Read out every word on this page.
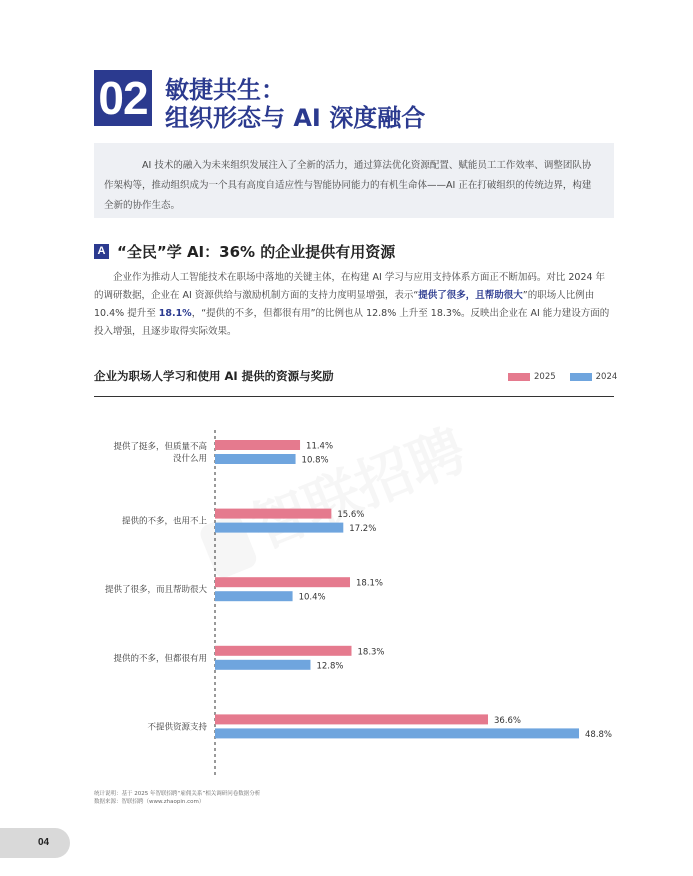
02 敏捷共生：
组织形态与 AI 深度融合
AI 技术的融入为未来组织发展注入了全新的活力，通过算法优化资源配置、赋能员工工作效率、调整团队协作架构等，推动组织成为一个具有高度自适应性与智能协同能力的有机生命体——AI 正在打破组织的传统边界，构建全新的协作生态。
A “全民”学 AI：36% 的企业提供有用资源

企业作为推动人工智能技术在职场中落地的关键主体，在构建 AI 学习与应用支持体系方面正不断加码。对比 2024 年的调研数据，企业在 AI 资源供给与激励机制方面的支持力度明显增强，表示“提供了很多，且帮助很大”的职场人比例由 10.4% 提升至 18.1%，“提供的不多，但都很有用”的比例也从 12.8% 上升至 18.3%。反映出企业在 AI 能力建设方面的投入增强，且逐步取得实际效果。

企业为职场人学习和使用 AI 提供的资源与奖励	2025	2024
11.4%
10.8%
提供了挺多，但质量不高
没什么用
15.6%
17.2%
提供的不多，也用不上
18.1%
10.4%
提供了很多，而且帮助很大
18.3%
12.8%
提供的不多，但都很有用
36.6%
48.8%
不提供资源支持
统计说明：基于 2025 年智联招聘“雇佣关系”相关调研问卷数据分析
数据来源：智联招聘（www.zhaopin.com）
04
